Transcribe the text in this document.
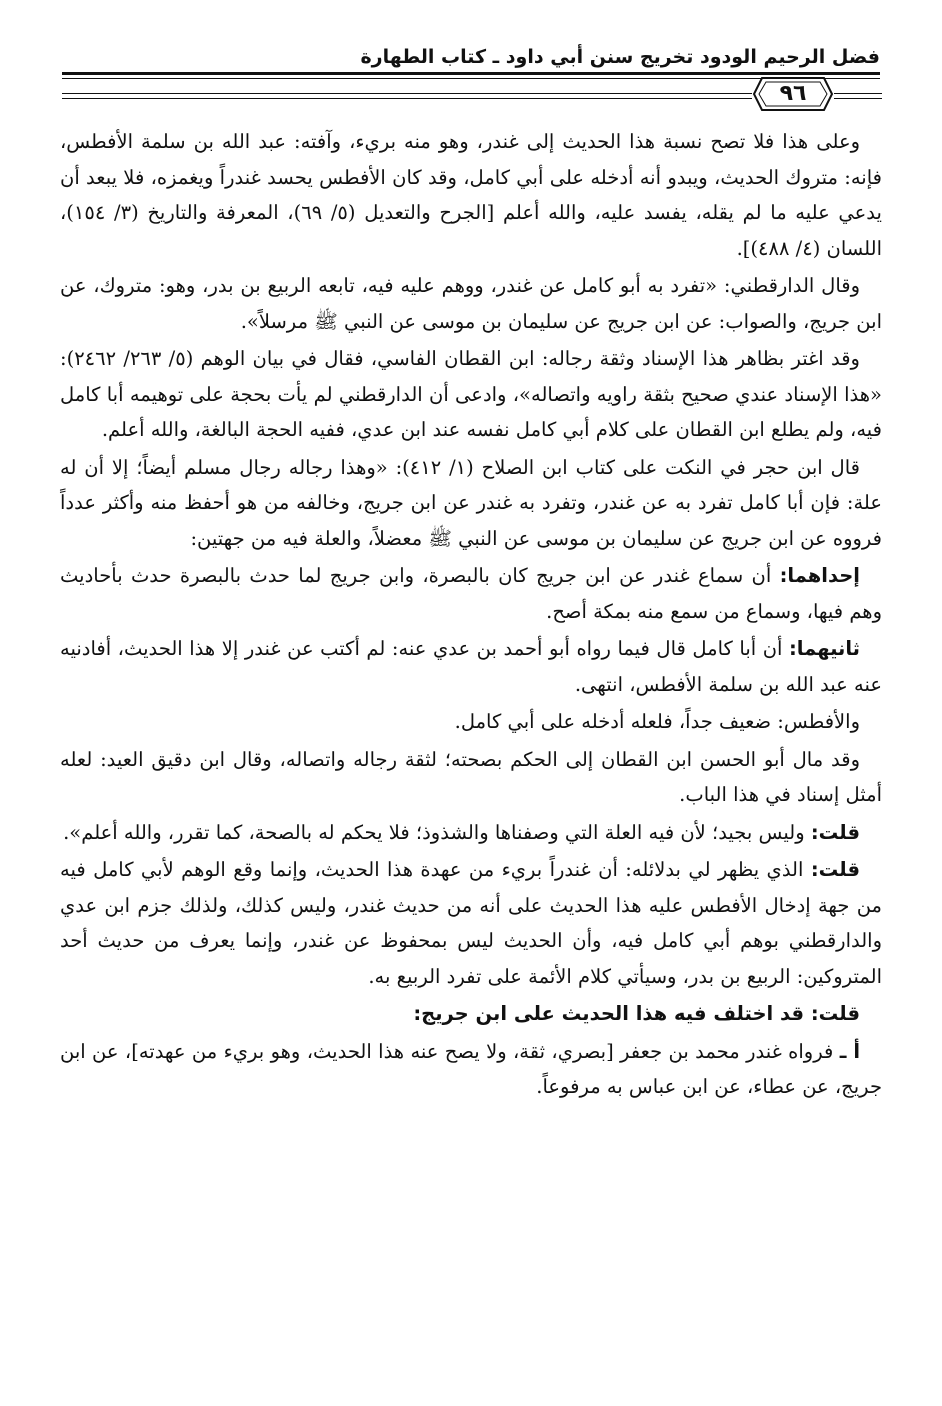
فضل الرحيم الودود تخريج سنن أبي داود ـ كتاب الطهارة
٩٦

وعلى هذا فلا تصح نسبة هذا الحديث إلى غندر، وهو منه بريء، وآفته: عبد الله بن سلمة الأفطس، فإنه: متروك الحديث، ويبدو أنه أدخله على أبي كامل، وقد كان الأفطس يحسد غندراً ويغمزه، فلا يبعد أن يدعي عليه ما لم يقله، يفسد عليه، والله أعلم [الجرح والتعديل (٥/ ٦٩)، المعرفة والتاريخ (٣/ ١٥٤)، اللسان (٤/ ٤٨٨)].

وقال الدارقطني: «تفرد به أبو كامل عن غندر، ووهم عليه فيه، تابعه الربيع بن بدر، وهو: متروك، عن ابن جريج، والصواب: عن ابن جريج عن سليمان بن موسى عن النبي ﷺ مرسلاً».

وقد اغتر بظاهر هذا الإسناد وثقة رجاله: ابن القطان الفاسي، فقال في بيان الوهم (٥/ ٢٦٣/ ٢٤٦٢): «هذا الإسناد عندي صحيح بثقة راويه واتصاله»، وادعى أن الدارقطني لم يأت بحجة على توهيمه أبا كامل فيه، ولم يطلع ابن القطان على كلام أبي كامل نفسه عند ابن عدي، ففيه الحجة البالغة، والله أعلم.

قال ابن حجر في النكت على كتاب ابن الصلاح (١/ ٤١٢): «وهذا رجاله رجال مسلم أيضاً؛ إلا أن له علة: فإن أبا كامل تفرد به عن غندر، وتفرد به غندر عن ابن جريج، وخالفه من هو أحفظ منه وأكثر عدداً فرووه عن ابن جريج عن سليمان بن موسى عن النبي ﷺ معضلاً، والعلة فيه من جهتين:

إحداهما: أن سماع غندر عن ابن جريج كان بالبصرة، وابن جريج لما حدث بالبصرة حدث بأحاديث وهم فيها، وسماع من سمع منه بمكة أصح.

ثانيهما: أن أبا كامل قال فيما رواه أبو أحمد بن عدي عنه: لم أكتب عن غندر إلا هذا الحديث، أفادنيه عنه عبد الله بن سلمة الأفطس، انتهى.

والأفطس: ضعيف جداً، فلعله أدخله على أبي كامل.

وقد مال أبو الحسن ابن القطان إلى الحكم بصحته؛ لثقة رجاله واتصاله، وقال ابن دقيق العيد: لعله أمثل إسناد في هذا الباب.

قلت: وليس بجيد؛ لأن فيه العلة التي وصفناها والشذوذ؛ فلا يحكم له بالصحة، كما تقرر، والله أعلم».

قلت: الذي يظهر لي بدلائله: أن غندراً بريء من عهدة هذا الحديث، وإنما وقع الوهم لأبي كامل فيه من جهة إدخال الأفطس عليه هذا الحديث على أنه من حديث غندر، وليس كذلك، ولذلك جزم ابن عدي والدارقطني بوهم أبي كامل فيه، وأن الحديث ليس بمحفوظ عن غندر، وإنما يعرف من حديث أحد المتروكين: الربيع بن بدر، وسيأتي كلام الأئمة على تفرد الربيع به.

قلت: قد اختلف فيه هذا الحديث على ابن جريج:

أ ـ فرواه غندر محمد بن جعفر [بصري، ثقة، ولا يصح عنه هذا الحديث، وهو بريء من عهدته]، عن ابن جريج، عن عطاء، عن ابن عباس به مرفوعاً.
